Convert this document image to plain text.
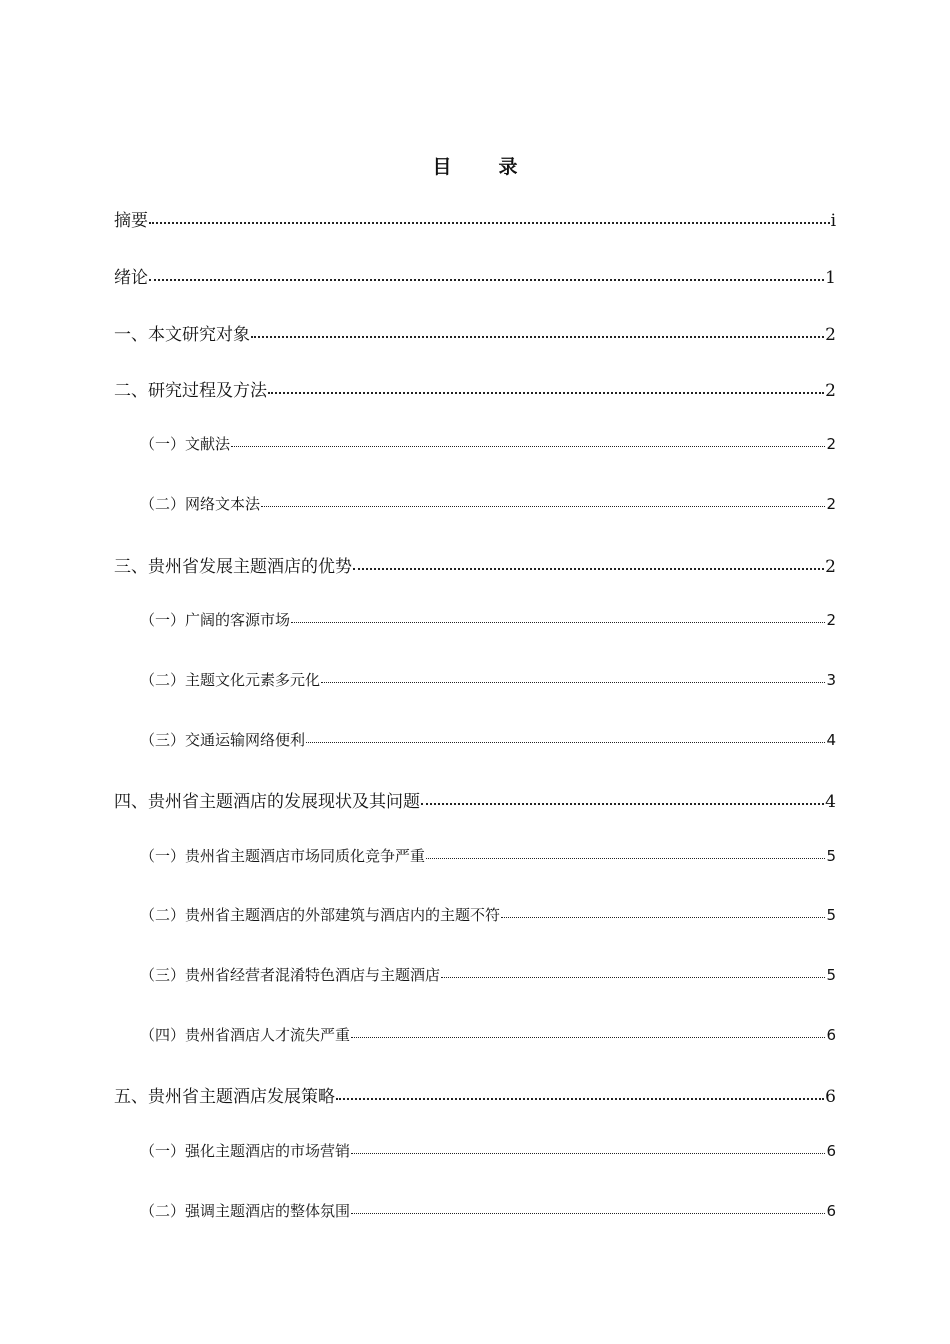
目　录
摘要	i
绪论	1
一、本文研究对象	2
二、研究过程及方法	2
（一）文献法	2
（二）网络文本法	2
三、贵州省发展主题酒店的优势	2
（一）广阔的客源市场	2
（二）主题文化元素多元化	3
（三）交通运输网络便利	4
四、贵州省主题酒店的发展现状及其问题	4
（一）贵州省主题酒店市场同质化竞争严重	5
（二）贵州省主题酒店的外部建筑与酒店内的主题不符	5
（三）贵州省经营者混淆特色酒店与主题酒店	5
（四）贵州省酒店人才流失严重	6
五、贵州省主题酒店发展策略	6
（一）强化主题酒店的市场营销	6
（二）强调主题酒店的整体氛围	6
